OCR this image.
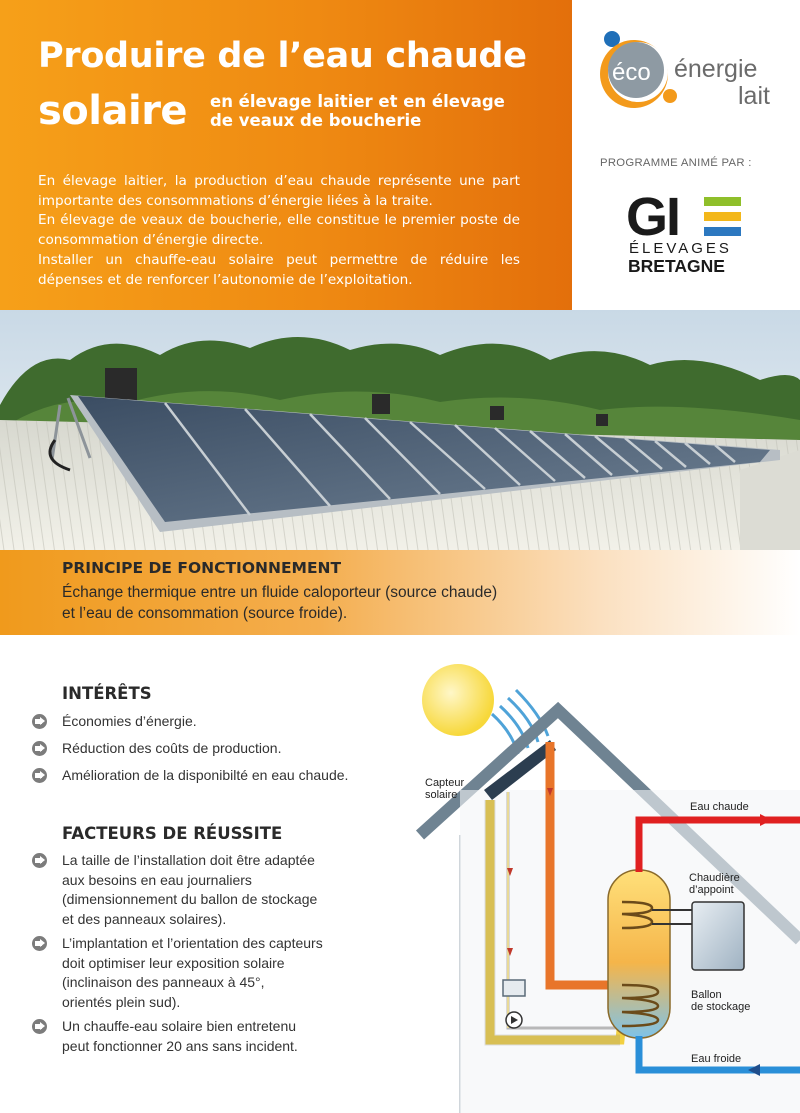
Produire de l’eau chaude
solaire en élevage laitier et en élevage
de veaux de boucherie

En élevage laitier, la production d’eau chaude représente une part importante des consommations d’énergie liées à la traite.

En élevage de veaux de boucherie, elle constitue le premier poste de consommation d’énergie directe.

Installer un chauffe-eau solaire peut permettre de réduire les dépenses et de renforcer l’autonomie de l’exploitation.

éco énergie
lait
PROGRAMME ANIMÉ PAR :
GI
ÉLEVAGES
BRETAGNE
PRINCIPE DE FONCTIONNEMENT
Échange thermique entre un fluide caloporteur (source chaude)
et l’eau de consommation (source froide).
INTÉRÊTS
Économies d’énergie.
Réduction des coûts de production.
Amélioration de la disponibilté en eau chaude.
FACTEURS DE RÉUSSITE
La taille de l’installation doit être adaptée
aux besoins en eau journaliers
(dimensionnement du ballon de stockage
et des panneaux solaires).
L’implantation et l’orientation des capteurs
doit optimiser leur exposition solaire
(inclinaison des panneaux à 45°,
orientés plein sud).
Un chauffe-eau solaire bien entretenu
peut fonctionner 20 ans sans incident.
Capteur
solaire
Eau chaude
Chaudière
d’appoint
Ballon
de stockage
Eau froide
